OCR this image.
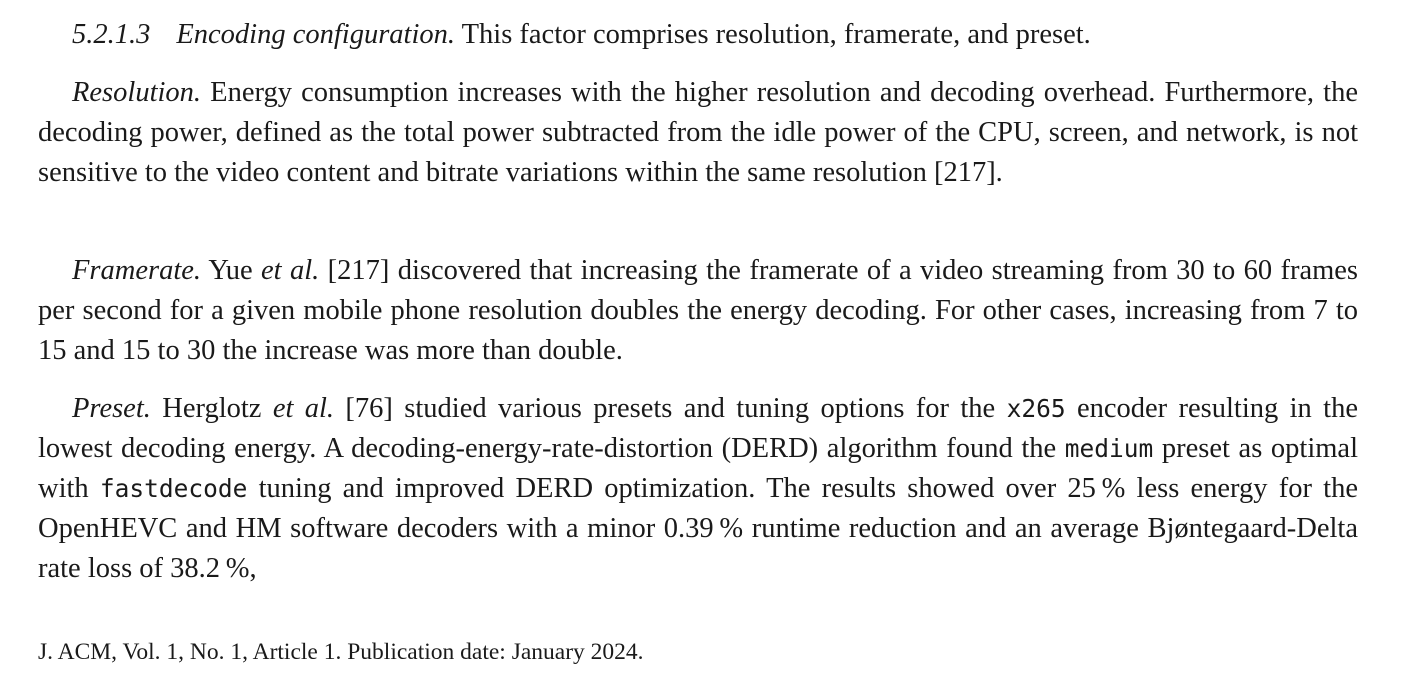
5.2.1.3 Encoding configuration. This factor comprises resolution, framerate, and preset.

Resolution. Energy consumption increases with the higher resolution and decoding overhead. Furthermore, the decoding power, defined as the total power subtracted from the idle power of the CPU, screen, and network, is not sensitive to the video content and bitrate variations within the same resolution [217].

Framerate. Yue et al. [217] discovered that increasing the framerate of a video streaming from 30 to 60 frames per second for a given mobile phone resolution doubles the energy decoding. For other cases, increasing from 7 to 15 and 15 to 30 the increase was more than double.

Preset. Herglotz et al. [76] studied various presets and tuning options for the x265 encoder resulting in the lowest decoding energy. A decoding-energy-rate-distortion (DERD) algorithm found the medium preset as optimal with fastdecode tuning and improved DERD optimization. The results showed over 25 % less energy for the OpenHEVC and HM software decoders with a minor 0.39 % runtime reduction and an average Bjøntegaard-Delta rate loss of 38.2 %,

J. ACM, Vol. 1, No. 1, Article 1. Publication date: January 2024.
